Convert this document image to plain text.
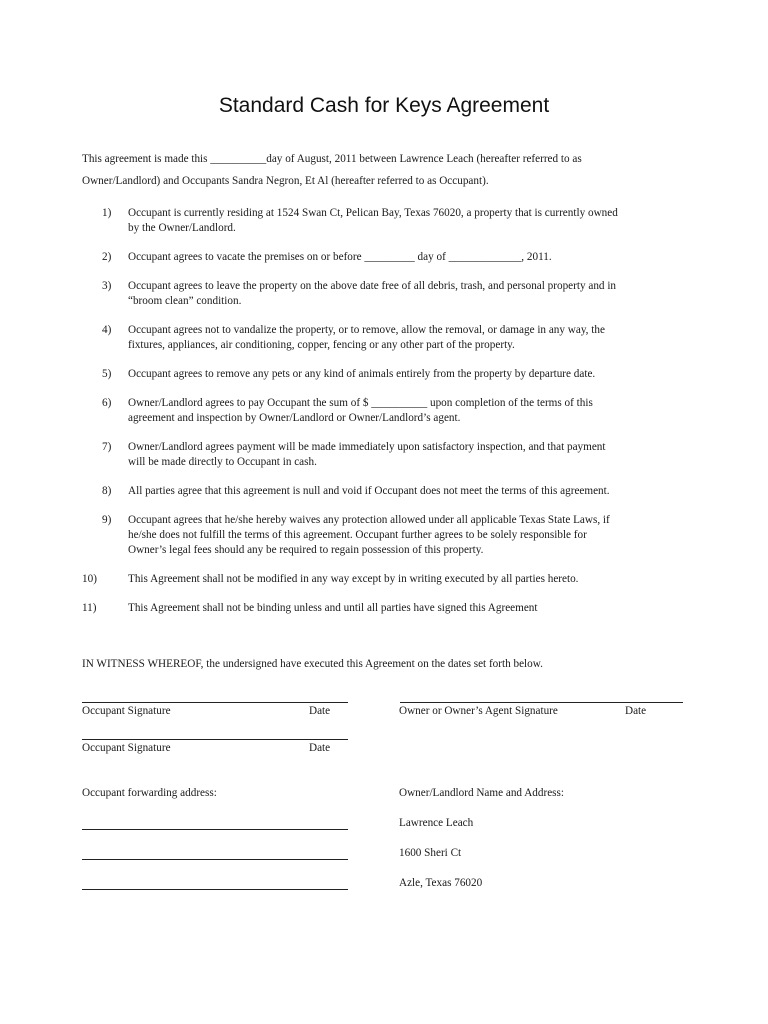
Standard Cash for Keys Agreement
This agreement is made this __________day of August, 2011 between Lawrence Leach (hereafter referred to as
Owner/Landlord) and Occupants Sandra Negron, Et Al (hereafter referred to as Occupant).
1) Occupant is currently residing at 1524 Swan Ct, Pelican Bay, Texas 76020, a property that is currently owned
by the Owner/Landlord.
2) Occupant agrees to vacate the premises on or before _________ day of _____________, 2011.
3) Occupant agrees to leave the property on the above date free of all debris, trash, and personal property and in
“broom clean” condition.
4) Occupant agrees not to vandalize the property, or to remove, allow the removal, or damage in any way, the
fixtures, appliances, air conditioning, copper, fencing or any other part of the property.
5) Occupant agrees to remove any pets or any kind of animals entirely from the property by departure date.
6) Owner/Landlord agrees to pay Occupant the sum of $ __________ upon completion of the terms of this
agreement and inspection by Owner/Landlord or Owner/Landlord’s agent.
7) Owner/Landlord agrees payment will be made immediately upon satisfactory inspection, and that payment
will be made directly to Occupant in cash.
8) All parties agree that this agreement is null and void if Occupant does not meet the terms of this agreement.
9) Occupant agrees that he/she hereby waives any protection allowed under all applicable Texas State Laws, if
he/she does not fulfill the terms of this agreement. Occupant further agrees to be solely responsible for
Owner’s legal fees should any be required to regain possession of this property.
10)	This Agreement shall not be modified in any way except by in writing executed by all parties hereto.
11)	This Agreement shall not be binding unless and until all parties have signed this Agreement
IN WITNESS WHEREOF, the undersigned have executed this Agreement on the dates set forth below.
Occupant Signature	Date	Owner or Owner’s Agent Signature	Date
Occupant Signature	Date
Occupant forwarding address:	Owner/Landlord Name and Address:
Lawrence Leach
1600 Sheri Ct
Azle, Texas 76020
